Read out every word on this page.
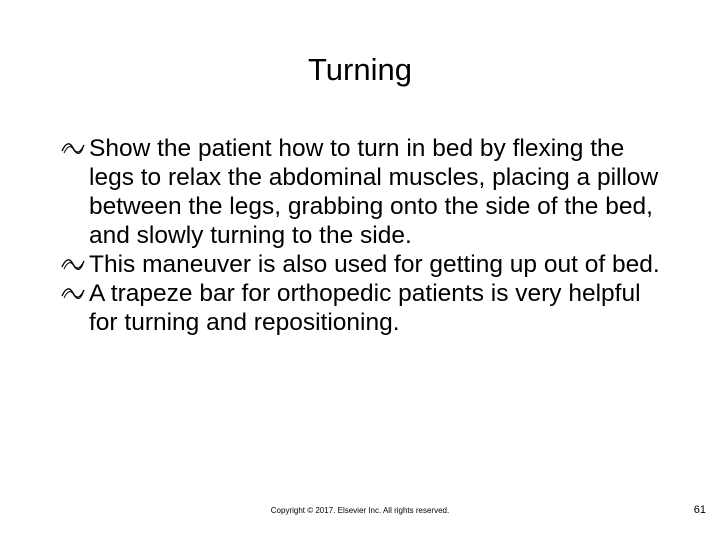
Turning
Show the patient how to turn in bed by flexing the legs to relax the abdominal muscles, placing a pillow between the legs, grabbing onto the side of the bed, and slowly turning to the side.
This maneuver is also used for getting up out of bed.
A trapeze bar for orthopedic patients is very helpful for turning and repositioning.
Copyright © 2017. Elsevier Inc. All rights reserved.	61
